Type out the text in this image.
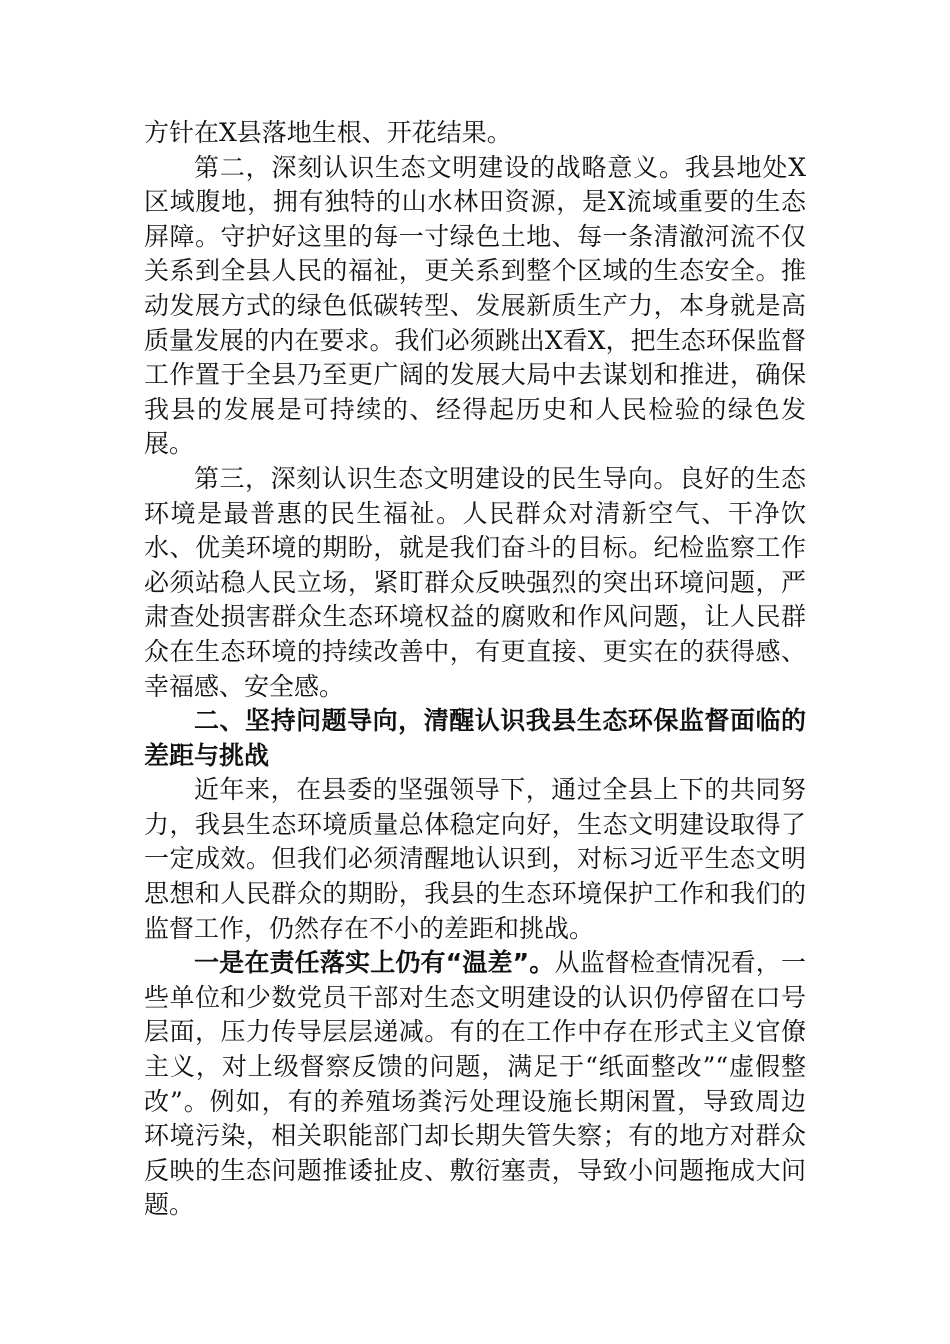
方针在X县落地生根、开花结果。

第二，深刻认识生态文明建设的战略意义。我县地处X区域腹地，拥有独特的山水林田资源，是X流域重要的生态屏障。守护好这里的每一寸绿色土地、每一条清澈河流不仅关系到全县人民的福祉，更关系到整个区域的生态安全。推动发展方式的绿色低碳转型、发展新质生产力，本身就是高质量发展的内在要求。我们必须跳出X看X，把生态环保监督工作置于全县乃至更广阔的发展大局中去谋划和推进，确保我县的发展是可持续的、经得起历史和人民检验的绿色发展。

第三，深刻认识生态文明建设的民生导向。良好的生态环境是最普惠的民生福祉。人民群众对清新空气、干净饮水、优美环境的期盼，就是我们奋斗的目标。纪检监察工作必须站稳人民立场，紧盯群众反映强烈的突出环境问题，严肃查处损害群众生态环境权益的腐败和作风问题，让人民群众在生态环境的持续改善中，有更直接、更实在的获得感、幸福感、安全感。

二、坚持问题导向，清醒认识我县生态环保监督面临的差距与挑战

近年来，在县委的坚强领导下，通过全县上下的共同努力，我县生态环境质量总体稳定向好，生态文明建设取得了一定成效。但我们必须清醒地认识到，对标习近平生态文明思想和人民群众的期盼，我县的生态环境保护工作和我们的监督工作，仍然存在不小的差距和挑战。

一是在责任落实上仍有“温差”。从监督检查情况看，一些单位和少数党员干部对生态文明建设的认识仍停留在口号层面，压力传导层层递减。有的在工作中存在形式主义官僚主义，对上级督察反馈的问题，满足于“纸面整改”“虚假整改”。例如，有的养殖场粪污处理设施长期闲置，导致周边环境污染，相关职能部门却长期失管失察；有的地方对群众反映的生态问题推诿扯皮、敷衍塞责，导致小问题拖成大问题。
